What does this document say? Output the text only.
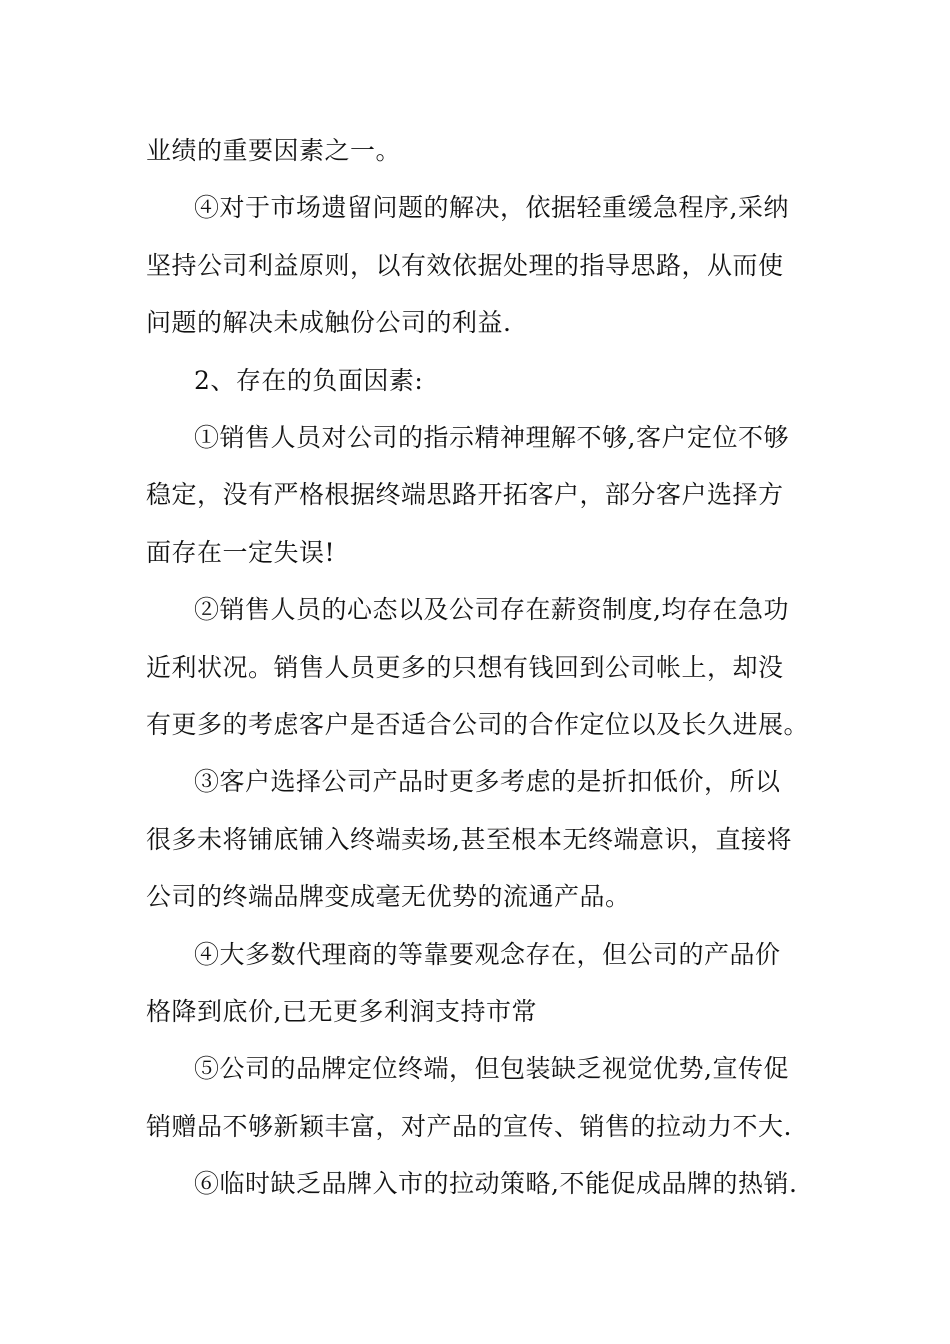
业绩的重要因素之一。
④对于市场遗留问题的解决，依据轻重缓急程序,采纳
坚持公司利益原则，以有效依据处理的指导思路，从而使
问题的解决未成触份公司的利益.
2、存在的负面因素:
①销售人员对公司的指示精神理解不够,客户定位不够
稳定，没有严格根据终端思路开拓客户，部分客户选择方
面存在一定失误!
②销售人员的心态以及公司存在薪资制度,均存在急功
近利状况。销售人员更多的只想有钱回到公司帐上，却没
有更多的考虑客户是否适合公司的合作定位以及长久进展。
③客户选择公司产品时更多考虑的是折扣低价，所以
很多未将铺底铺入终端卖场,甚至根本无终端意识，直接将
公司的终端品牌变成毫无优势的流通产品。
④大多数代理商的等靠要观念存在，但公司的产品价
格降到底价,已无更多利润支持市常
⑤公司的品牌定位终端，但包装缺乏视觉优势,宣传促
销赠品不够新颖丰富，对产品的宣传、销售的拉动力不大.
⑥临时缺乏品牌入市的拉动策略,不能促成品牌的热销.
